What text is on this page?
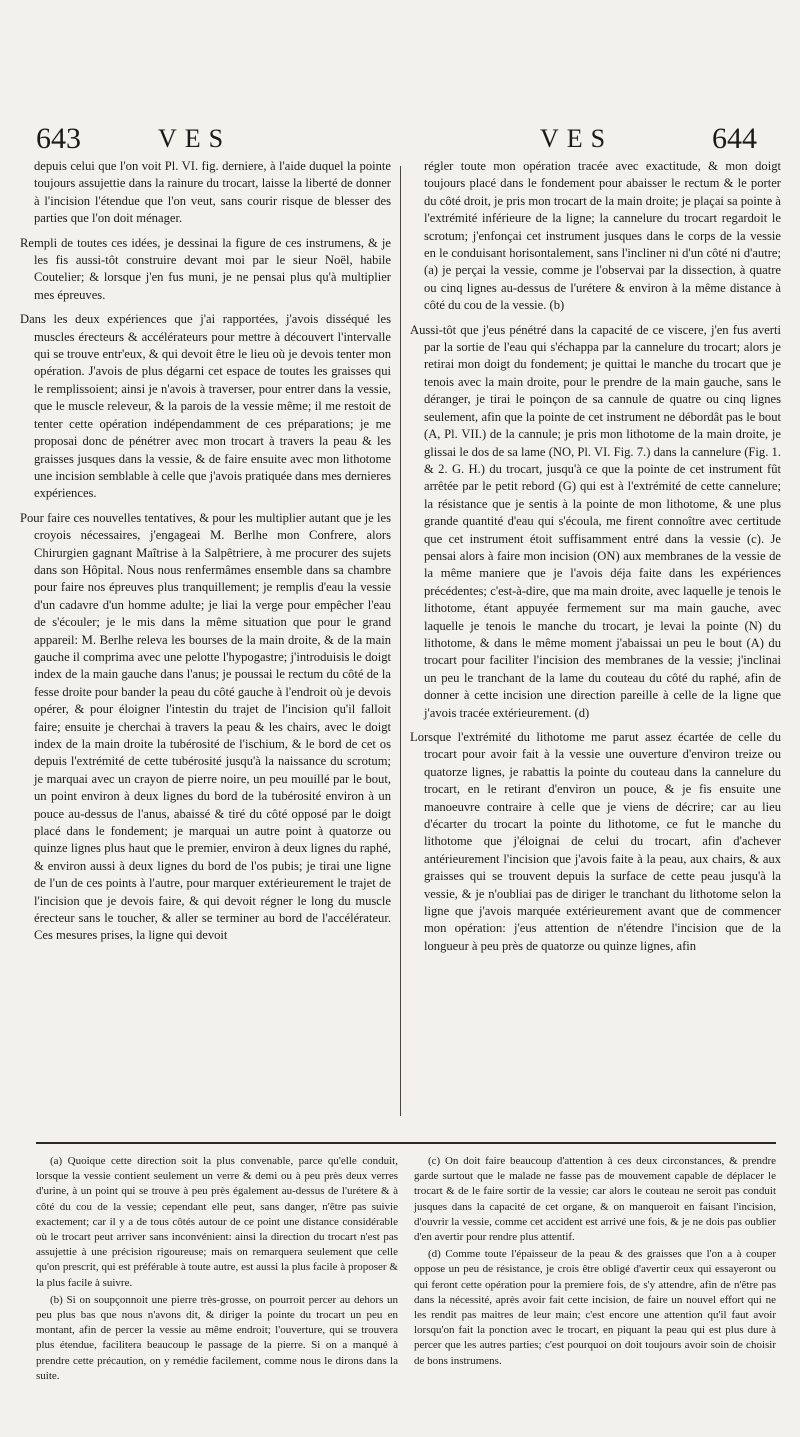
643	VES	VES	644

depuis celui que l'on voit Pl. VI. fig. derniere, à l'aide duquel la pointe toujours assujettie dans la rainure du trocart, laisse la liberté de donner à l'incision l'étendue que l'on veut, sans courir risque de blesser des parties que l'on doit ménager.

Rempli de toutes ces idées, je dessinai la figure de ces instrumens, & je les fis aussi-tôt construire devant moi par le sieur Noël, habile Coutelier; & lorsque j'en fus muni, je ne pensai plus qu'à multiplier mes épreuves.

Dans les deux expériences que j'ai rapportées, j'avois disséqué les muscles érecteurs & accélérateurs pour mettre à découvert l'intervalle qui se trouve entr'eux, & qui devoit être le lieu où je devois tenter mon opération. J'avois de plus dégarni cet espace de toutes les graisses qui le remplissoient; ainsi je n'avois à traverser, pour entrer dans la vessie, que le muscle releveur, & la parois de la vessie même; il me restoit de tenter cette opération indépendamment de ces préparations; je me proposai donc de pénétrer avec mon trocart à travers la peau & les graisses jusques dans la vessie, & de faire ensuite avec mon lithotome une incision semblable à celle que j'avois pratiquée dans mes dernieres expériences.

Pour faire ces nouvelles tentatives, & pour les multiplier autant que je les croyois nécessaires, j'engageai M. Berlhe mon Confrere, alors Chirurgien gagnant Maîtrise à la Salpêtriere, à me procurer des sujets dans son Hôpital. Nous nous renfermâmes ensemble dans sa chambre pour faire nos épreuves plus tranquillement; je remplis d'eau la vessie d'un cadavre d'un homme adulte; je liai la verge pour empêcher l'eau de s'écouler; je le mis dans la même situation que pour le grand appareil: M. Berlhe releva les bourses de la main droite, & de la main gauche il comprima avec une pelotte l'hypogastre; j'introduisis le doigt index de la main gauche dans l'anus; je poussai le rectum du côté de la fesse droite pour bander la peau du côté gauche à l'endroit où je devois opérer, & pour éloigner l'intestin du trajet de l'incision qu'il falloit faire; ensuite je cherchai à travers la peau & les chairs, avec le doigt index de la main droite la tubérosité de l'ischium, & le bord de cet os depuis l'extrémité de cette tubérosité jusqu'à la naissance du scrotum; je marquai avec un crayon de pierre noire, un peu mouillé par le bout, un point environ à deux lignes du bord de la tubérosité environ à un pouce au-dessus de l'anus, abaissé & tiré du côté opposé par le doigt placé dans le fondement; je marquai un autre point à quatorze ou quinze lignes plus haut que le premier, environ à deux lignes du raphé, & environ aussi à deux lignes du bord de l'os pubis; je tirai une ligne de l'un de ces points à l'autre, pour marquer extérieurement le trajet de l'incision que je devois faire, & qui devoit régner le long du muscle érecteur sans le toucher, & aller se terminer au bord de l'accélérateur. Ces mesures prises, la ligne qui devoit

régler toute mon opération tracée avec exactitude, & mon doigt toujours placé dans le fondement pour abaisser le rectum & le porter du côté droit, je pris mon trocart de la main droite; je plaçai sa pointe à l'extrémité inférieure de la ligne; la cannelure du trocart regardoit le scrotum; j'enfonçai cet instrument jusques dans le corps de la vessie en le conduisant horisontalement, sans l'incliner ni d'un côté ni d'autre; (a) je perçai la vessie, comme je l'observai par la dissection, à quatre ou cinq lignes au-dessus de l'urétere & environ à la même distance à côté du cou de la vessie. (b)

Aussi-tôt que j'eus pénétré dans la capacité de ce viscere, j'en fus averti par la sortie de l'eau qui s'échappa par la cannelure du trocart; alors je retirai mon doigt du fondement; je quittai le manche du trocart que je tenois avec la main droite, pour le prendre de la main gauche, sans le déranger, je tirai le poinçon de sa cannule de quatre ou cinq lignes seulement, afin que la pointe de cet instrument ne débordât pas le bout (A, Pl. VII.) de la cannule; je pris mon lithotome de la main droite, je glissai le dos de sa lame (NO, Pl. VI. Fig. 7.) dans la cannelure (Fig. 1. & 2. G. H.) du trocart, jusqu'à ce que la pointe de cet instrument fût arrêtée par le petit rebord (G) qui est à l'extrémité de cette cannelure; la résistance que je sentis à la pointe de mon lithotome, & une plus grande quantité d'eau qui s'écoula, me firent connoître avec certitude que cet instrument étoit suffisamment entré dans la vessie (c). Je pensai alors à faire mon incision (ON) aux membranes de la vessie de la même maniere que je l'avois déja faite dans les expériences précédentes; c'est-à-dire, que ma main droite, avec laquelle je tenois le lithotome, étant appuyée fermement sur ma main gauche, avec laquelle je tenois le manche du trocart, je levai la pointe (N) du lithotome, & dans le même moment j'abaissai un peu le bout (A) du trocart pour faciliter l'incision des membranes de la vessie; j'inclinai un peu le tranchant de la lame du couteau du côté du raphé, afin de donner à cette incision une direction pareille à celle de la ligne que j'avois tracée extérieurement. (d)

Lorsque l'extrémité du lithotome me parut assez écartée de celle du trocart pour avoir fait à la vessie une ouverture d'environ treize ou quatorze lignes, je rabattis la pointe du couteau dans la cannelure du trocart, en le retirant d'environ un pouce, & je fis ensuite une manoeuvre contraire à celle que je viens de décrire; car au lieu d'écarter du trocart la pointe du lithotome, ce fut le manche du lithotome que j'éloignai de celui du trocart, afin d'achever antérieurement l'incision que j'avois faite à la peau, aux chairs, & aux graisses qui se trouvent depuis la surface de cette peau jusqu'à la vessie, & je n'oubliai pas de diriger le tranchant du lithotome selon la ligne que j'avois marquée extérieurement avant que de commencer mon opération: j'eus attention de n'étendre l'incision que de la longueur à peu près de quatorze ou quinze lignes, afin

(a) Quoique cette direction soit la plus convenable, parce qu'elle conduit, lorsque la vessie contient seulement un verre & demi ou à peu près deux verres d'urine, à un point qui se trouve à peu près également au-dessus de l'urétere & à côté du cou de la vessie; cependant elle peut, sans danger, n'être pas suivie exactement; car il y a de tous côtés autour de ce point une distance considérable où le trocart peut arriver sans inconvénient: ainsi la direction du trocart n'est pas assujettie à une précision rigoureuse; mais on remarquera seulement que celle qu'on prescrit, qui est préférable à toute autre, est aussi la plus facile à proposer & la plus facile à suivre.

(b) Si on soupçonnoit une pierre très-grosse, on pourroit percer au dehors un peu plus bas que nous n'avons dit, & diriger la pointe du trocart un peu en montant, afin de percer la vessie au même endroit; l'ouverture, qui se trouvera plus étendue, facilitera beaucoup le passage de la pierre. Si on a manqué à prendre cette précaution, on y remédie facilement, comme nous le dirons dans la suite.

(c) On doit faire beaucoup d'attention à ces deux circonstances, & prendre garde surtout que le malade ne fasse pas de mouvement capable de déplacer le trocart & de le faire sortir de la vessie; car alors le couteau ne seroit pas conduit jusques dans la capacité de cet organe, & on manqueroit en faisant l'incision, d'ouvrir la vessie, comme cet accident est arrivé une fois, & je ne dois pas oublier d'en avertir pour rendre plus attentif.

(d) Comme toute l'épaisseur de la peau & des graisses que l'on a à couper oppose un peu de résistance, je crois être obligé d'avertir ceux qui essayeront ou qui feront cette opération pour la premiere fois, de s'y attendre, afin de n'être pas dans la nécessité, après avoir fait cette incision, de faire un nouvel effort qui ne les rendit pas maitres de leur main; c'est encore une attention qu'il faut avoir lorsqu'on fait la ponction avec le trocart, en piquant la peau qui est plus dure à percer que les autres parties; c'est pourquoi on doit toujours avoir soin de choisir de bons instrumens.
